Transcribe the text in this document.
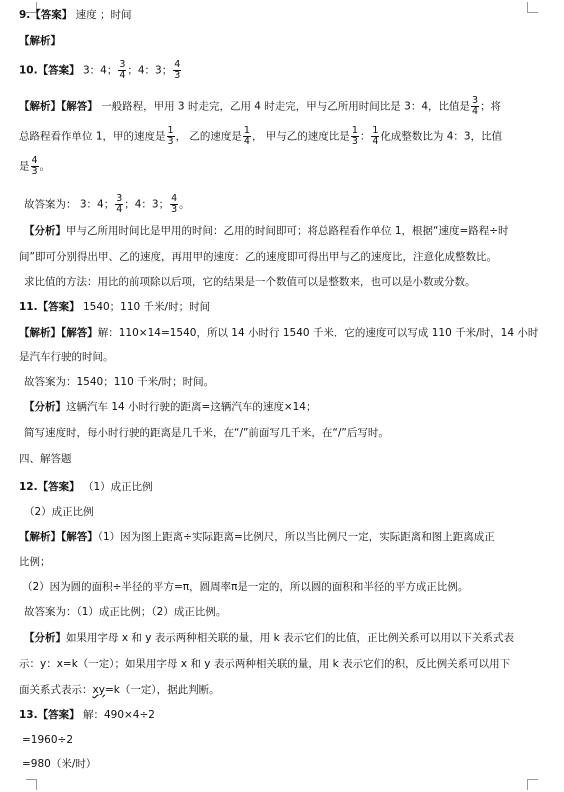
9.【答案】 速度 ；时间
【解析】
10.【答案】 3：4； $\frac{3}{4}$ ；4：3； $\frac{4}{3}$
【解析】【解答】 一般路程，甲用 3 时走完，乙用 4 时走完，甲与乙所用时间比是 3：4，比值是 $\frac{3}{4}$ ；将
总路程看作单位 1，甲的速度是 $\frac{1}{3}$ ， 乙的速度是 $\frac{1}{4}$ ， 甲与乙的速度比是 $\frac{1}{3}$ ： $\frac{1}{4}$ 化成整数比为 4：3，比值
是 $\frac{4}{3}$ 。
故答案为： 3：4； $\frac{3}{4}$ ；4：3； $\frac{4}{3}$ 。
【分析】甲与乙所用时间比是甲用的时间：乙用的时间即可；将总路程看作单位 1，根据“速度=路程÷时
间”即可分别得出甲、乙的速度，再用甲的速度：乙的速度即可得出甲与乙的速度比，注意化成整数比。
求比值的方法：用比的前项除以后项，它的结果是一个数值可以是整数来，也可以是小数或分数。
11.【答案】 1540；110 千米/时；时间
【解析】【解答】解：110×14=1540，所以 14 小时行 1540 千米．它的速度可以写成 110 千米/时，14 小时
是汽车行驶的时间。
故答案为：1540；110 千米/时；时间。
【分析】这辆汽车 14 小时行驶的距离=这辆汽车的速度×14；
简写速度时，每小时行驶的距离是几千米，在“/”前面写几千米，在“/”后写时。
四、解答题
12.【答案】 （1）成正比例
（2）成正比例
【解析】【解答】（1）因为图上距离÷实际距离=比例尺，所以当比例尺一定，实际距离和图上距离成正
比例；
（2）因为圆的面积÷半径的平方=π，圆周率π是一定的，所以圆的面积和半径的平方成正比例。
故答案为：（1）成正比例；（2）成正比例。
【分析】如果用字母 x 和 y 表示两种相关联的量，用 k 表示它们的比值，正比例关系可以用以下关系式表
示：y：x=k（一定）；如果用字母 x 和 y 表示两种相关联的量，用 k 表示它们的积，反比例关系可以用下
面关系式表示：xy=k（一定），据此判断。
13.【答案】 解：490×4÷2
=1960÷2
=980（米/时）
